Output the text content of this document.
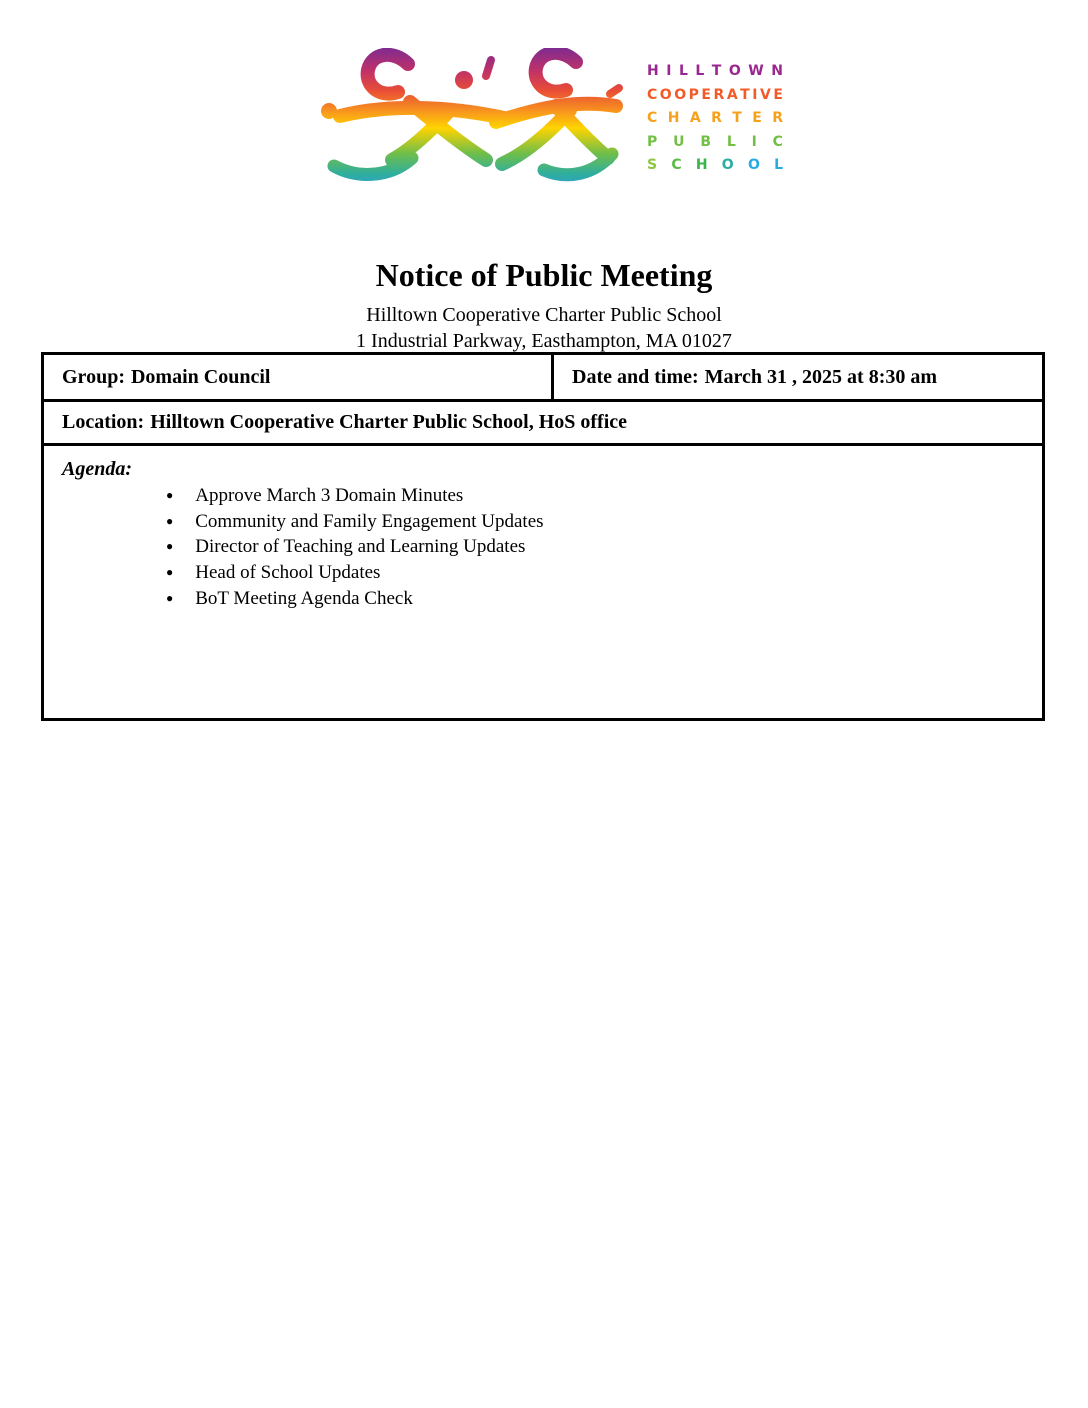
H I L L T O W N
C O O P E R A T I V E
C H A R T E R
P U B L I C
S C H O O L
Notice of Public Meeting
Hilltown Cooperative Charter Public School
1 Industrial Parkway, Easthampton, MA 01027
Group: Domain Council	Date and time: March 31 , 2025 at 8:30 am
Location: Hilltown Cooperative Charter Public School, HoS office

Agenda:
● Approve March 3 Domain Minutes
● Community and Family Engagement Updates
● Director of Teaching and Learning Updates
● Head of School Updates
● BoT Meeting Agenda Check
